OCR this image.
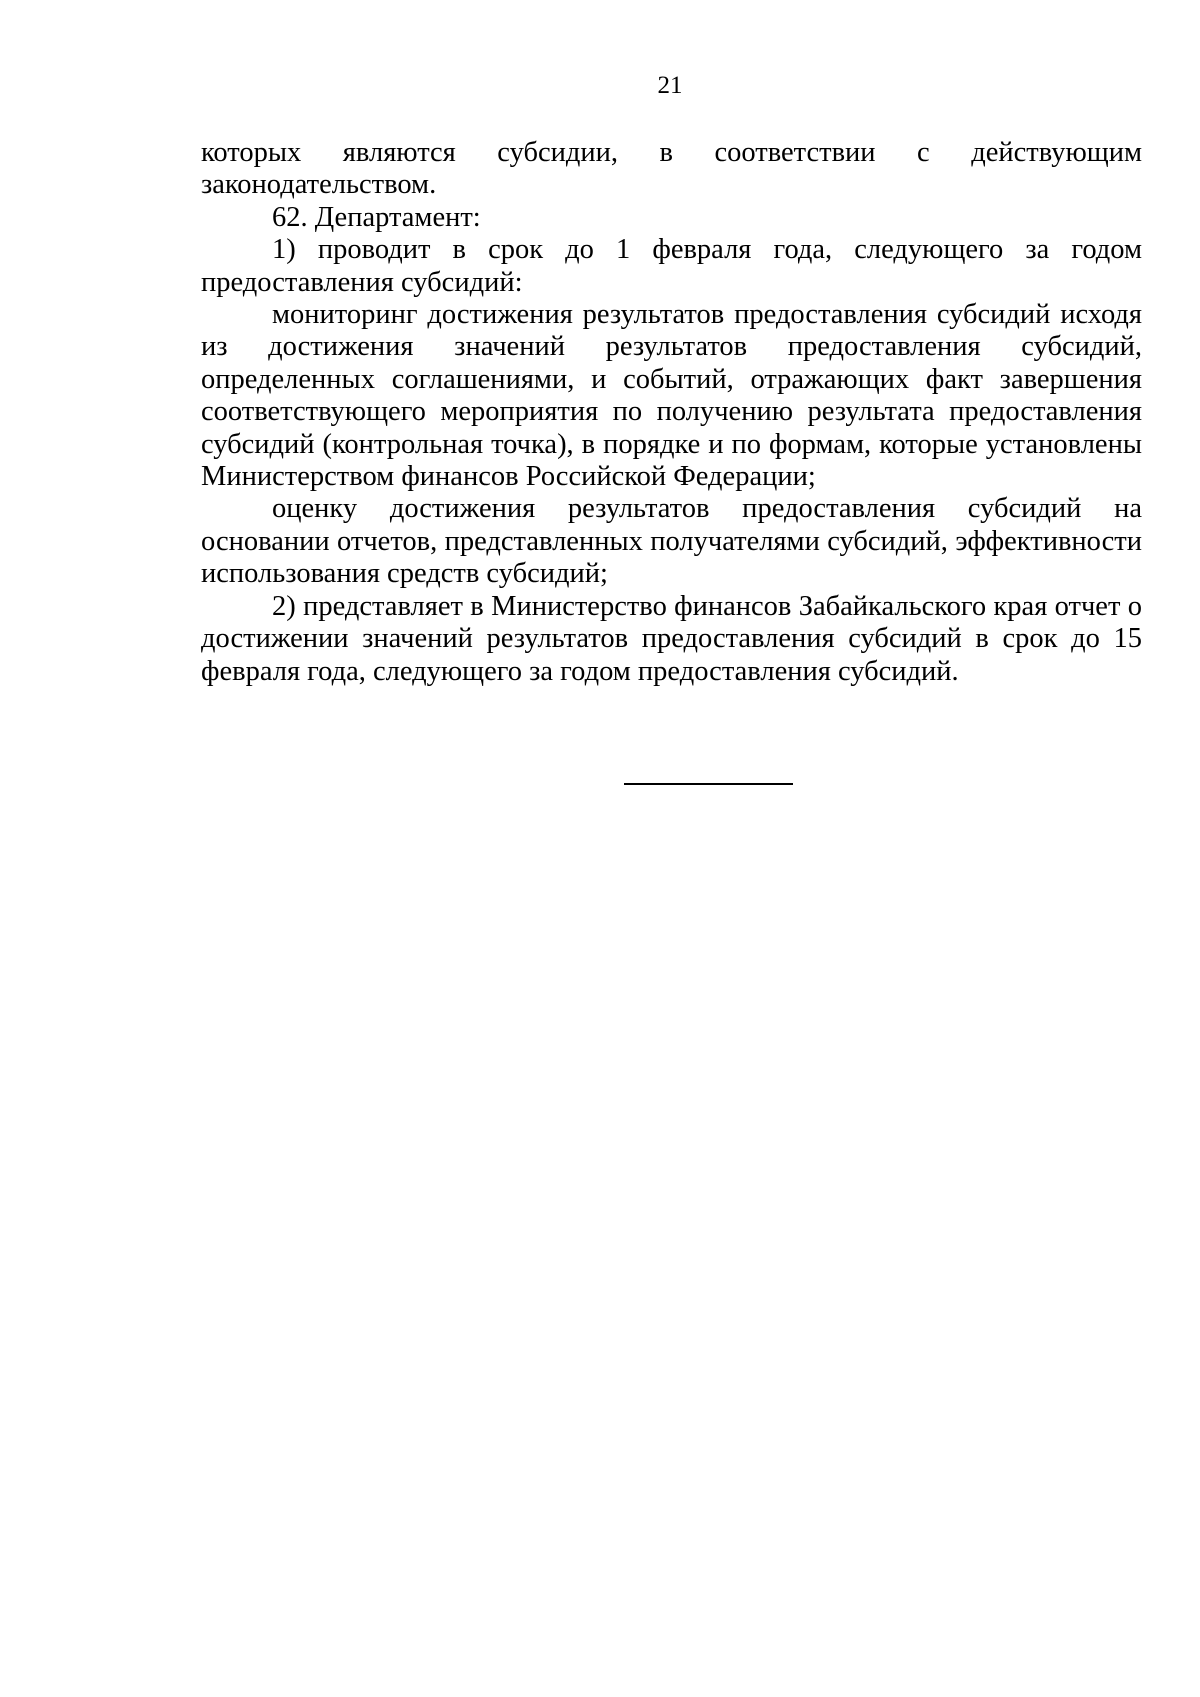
21

которых являются субсидии, в соответствии с действующим законодательством.

62. Департамент:

1) проводит в срок до 1 февраля года, следующего за годом предоставления субсидий:

мониторинг достижения результатов предоставления субсидий исходя из достижения значений результатов предоставления субсидий, определенных соглашениями, и событий, отражающих факт завершения соответствующего мероприятия по получению результата предоставления субсидий (контрольная точка), в порядке и по формам, которые установлены Министерством финансов Российской Федерации;

оценку достижения результатов предоставления субсидий на основании отчетов, представленных получателями субсидий, эффективности использования средств субсидий;

2) представляет в Министерство финансов Забайкальского края отчет о достижении значений результатов предоставления субсидий в срок до 15 февраля года, следующего за годом предоставления субсидий.
